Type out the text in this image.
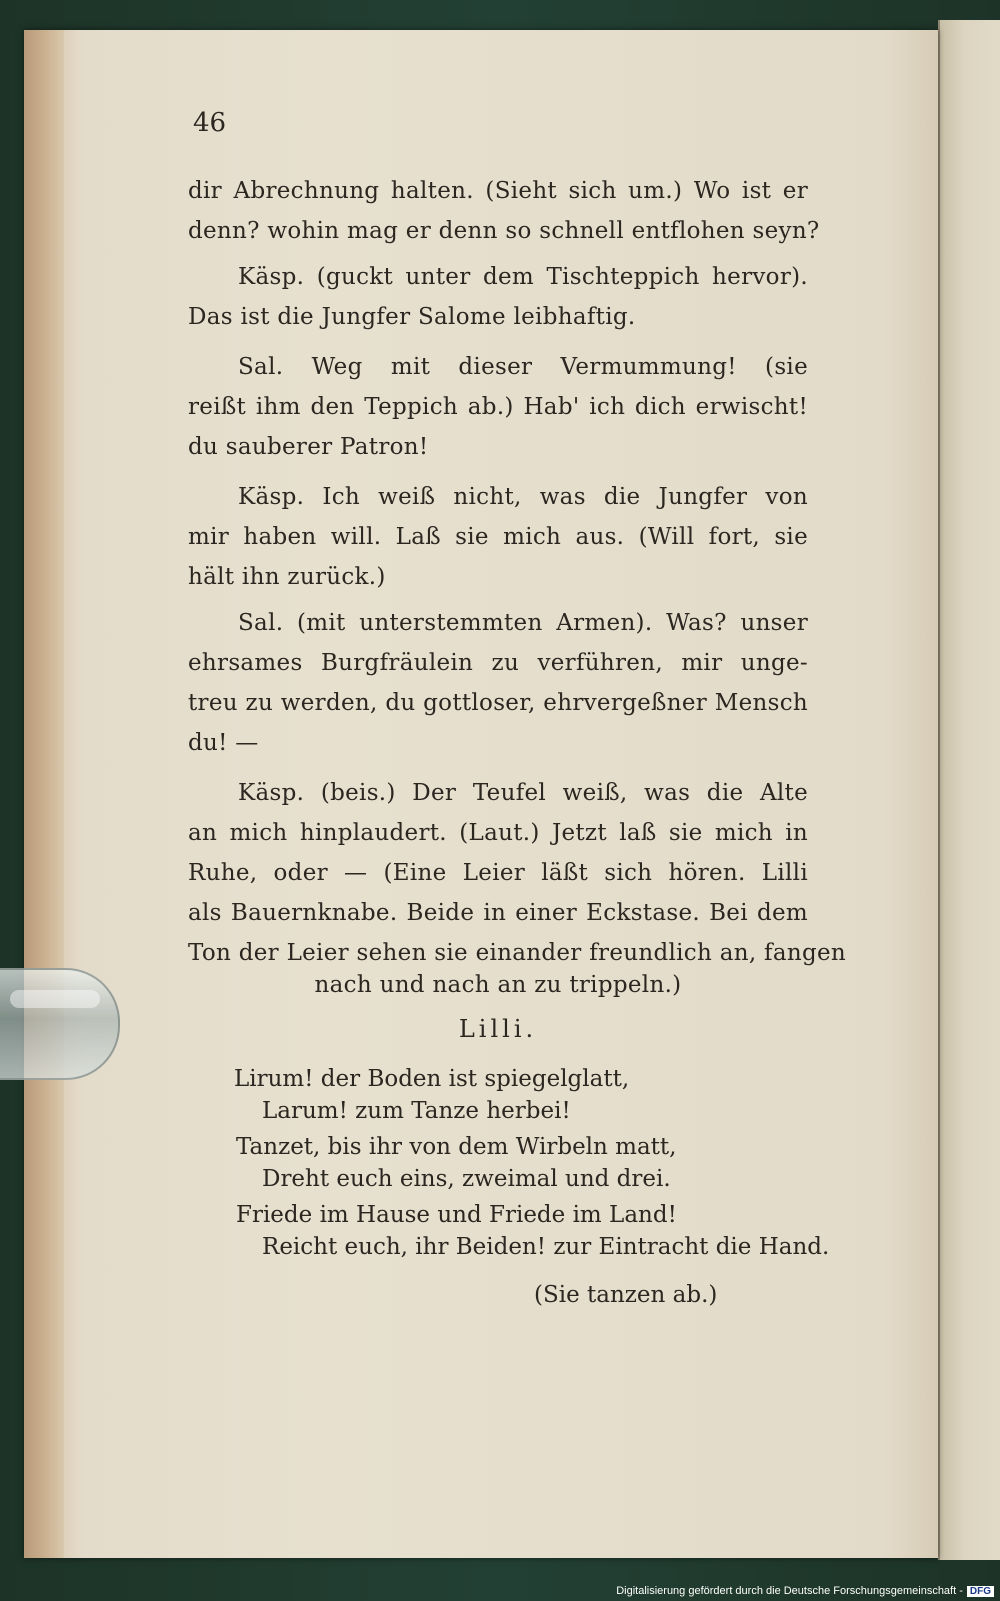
46
dir Abrechnung halten. (Sieht sich um.) Wo ist er
denn? wohin mag er denn so schnell entflohen seyn?
Käsp. (guckt unter dem Tischteppich hervor).
Das ist die Jungfer Salome leibhaftig.
Sal. Weg mit dieser Vermummung! (sie
reißt ihm den Teppich ab.) Hab' ich dich erwischt!
du sauberer Patron!
Käsp. Ich weiß nicht, was die Jungfer von
mir haben will. Laß sie mich aus. (Will fort, sie
hält ihn zurück.)
Sal. (mit unterstemmten Armen). Was? unser
ehrsames Burgfräulein zu verführen, mir unge-
treu zu werden, du gottloser, ehrvergeßner Mensch
du! —
Käsp. (beis.) Der Teufel weiß, was die Alte
an mich hinplaudert. (Laut.) Jetzt laß sie mich in
Ruhe, oder — (Eine Leier läßt sich hören. Lilli
als Bauernknabe. Beide in einer Eckstase. Bei dem
Ton der Leier sehen sie einander freundlich an, fangen
nach und nach an zu trippeln.)
Lilli.
Lirum! der Boden ist spiegelglatt,
Larum! zum Tanze herbei!
Tanzet, bis ihr von dem Wirbeln matt,
Dreht euch eins, zweimal und drei.
Friede im Hause und Friede im Land!
Reicht euch, ihr Beiden! zur Eintracht die Hand.
(Sie tanzen ab.)
Digitalisierung gefördert durch die Deutsche Forschungsgemeinschaft - DFG
